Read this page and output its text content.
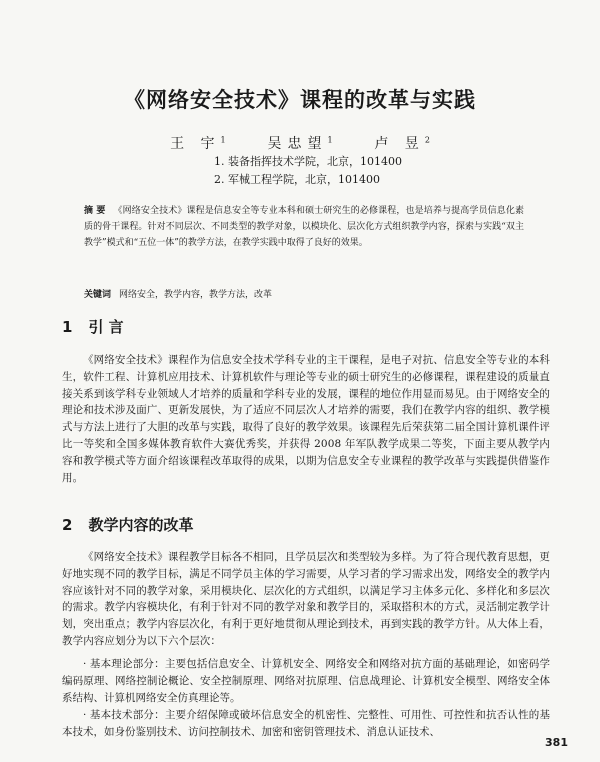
《网络安全技术》课程的改革与实践
王 宇$^1$	吴忠望$^1$	卢 昱$^2$
1. 装备指挥技术学院，北京，101400
2. 军械工程学院，北京，101400
摘 要 《网络安全技术》课程是信息安全等专业本科和硕士研究生的必修课程，也是培养与提高学员信息化素质的骨干课程。针对不同层次、不同类型的教学对象，以模块化、层次化方式组织教学内容，探索与实践“双主教学”模式和“五位一体”的教学方法，在教学实践中取得了良好的效果。
关键词 网络安全，教学内容，教学方法，改革
1 引 言
《网络安全技术》课程作为信息安全技术学科专业的主干课程，是电子对抗、信息安全等专业的本科生，软件工程、计算机应用技术、计算机软件与理论等专业的硕士研究生的必修课程，课程建设的质量直接关系到该学科专业领域人才培养的质量和学科专业的发展，课程的地位作用显而易见。由于网络安全的理论和技术涉及面广、更新发展快，为了适应不同层次人才培养的需要，我们在教学内容的组织、教学模式与方法上进行了大胆的改革与实践，取得了良好的教学效果。该课程先后荣获第二届全国计算机课件评比一等奖和全国多媒体教育软件大赛优秀奖，并获得 2008 年军队教学成果二等奖，下面主要从教学内容和教学模式等方面介绍该课程改革取得的成果，以期为信息安全专业课程的教学改革与实践提供借鉴作用。
2 教学内容的改革
《网络安全技术》课程教学目标各不相同，且学员层次和类型较为多样。为了符合现代教育思想，更好地实现不同的教学目标，满足不同学员主体的学习需要，从学习者的学习需求出发，网络安全的教学内容应该针对不同的教学对象，采用模块化、层次化的方式组织，以满足学习主体多元化、多样化和多层次的需求。教学内容模块化，有利于针对不同的教学对象和教学目的，采取搭积木的方式，灵活制定教学计划，突出重点；教学内容层次化，有利于更好地贯彻从理论到技术，再到实践的教学方针。从大体上看，教学内容应划分为以下六个层次：
· 基本理论部分：主要包括信息安全、计算机安全、网络安全和网络对抗方面的基础理论，如密码学编码原理、网络控制论概论、安全控制原理、网络对抗原理、信息战理论、计算机安全模型、网络安全体系结构、计算机网络安全仿真理论等。
· 基本技术部分：主要介绍保障或破坏信息安全的机密性、完整性、可用性、可控性和抗否认性的基本技术，如身份鉴别技术、访问控制技术、加密和密钥管理技术、消息认证技术、
381
